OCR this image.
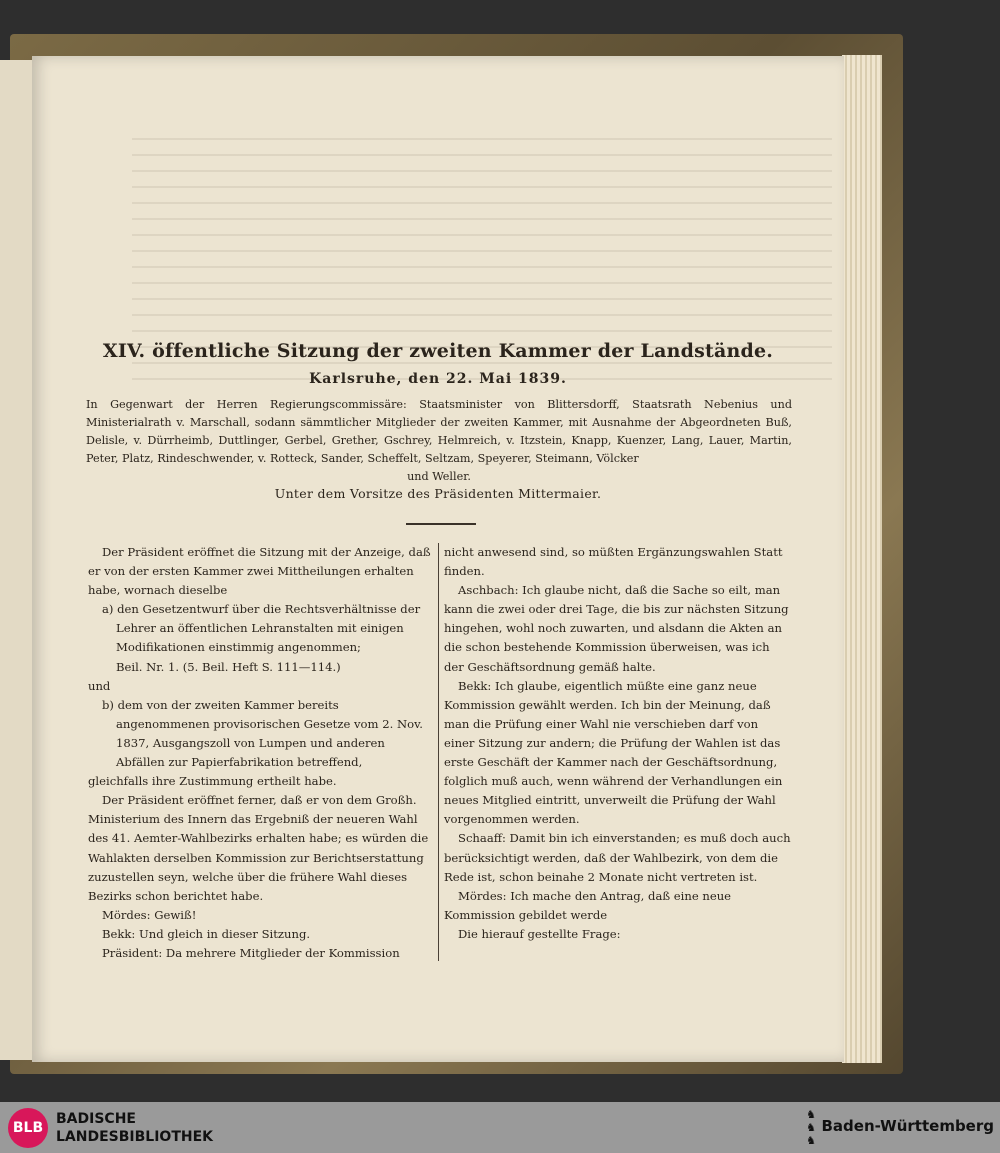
XIV. öffentliche Sitzung der zweiten Kammer der Landstände.
Karlsruhe, den 22. Mai 1839.
In Gegenwart der Herren Regierungscommissäre: Staatsminister von Blittersdorff, Staatsrath Nebenius und Ministerialrath v. Marschall, sodann sämmtlicher Mitglieder der zweiten Kammer, mit Ausnahme der Abgeordneten Buß, Delisle, v. Dürrheimb, Duttlinger, Gerbel, Grether, Gschrey, Helmreich, v. Itzstein, Knapp, Kuenzer, Lang, Lauer, Martin, Peter, Platz, Rindeschwender, v. Rotteck, Sander, Scheffelt, Seltzam, Speyerer, Steimann, Völcker
und Weller.
Unter dem Vorsitze des Präsidenten Mittermaier.

Der Präsident eröffnet die Sitzung mit der Anzeige, daß er von der ersten Kammer zwei Mittheilungen erhalten habe, wornach dieselbe

a) den Gesetzentwurf über die Rechtsverhältnisse der Lehrer an öffentlichen Lehranstalten mit einigen Modifikationen einstimmig angenommen;

Beil. Nr. 1. (5. Beil. Heft S. 111—114.)

und

b) dem von der zweiten Kammer bereits angenommenen provisorischen Gesetze vom 2. Nov. 1837, Ausgangszoll von Lumpen und anderen Abfällen zur Papierfabrikation betreffend,

gleichfalls ihre Zustimmung ertheilt habe.

Der Präsident eröffnet ferner, daß er von dem Großh. Ministerium des Innern das Ergebniß der neueren Wahl des 41. Aemter-Wahlbezirks erhalten habe; es würden die Wahlakten derselben Kommission zur Berichtserstattung zuzustellen seyn, welche über die frühere Wahl dieses Bezirks schon berichtet habe.

Mördes: Gewiß!

Bekk: Und gleich in dieser Sitzung.

Präsident: Da mehrere Mitglieder der Kommission

nicht anwesend sind, so müßten Ergänzungswahlen Statt finden.

Aschbach: Ich glaube nicht, daß die Sache so eilt, man kann die zwei oder drei Tage, die bis zur nächsten Sitzung hingehen, wohl noch zuwarten, und alsdann die Akten an die schon bestehende Kommission überweisen, was ich der Geschäftsordnung gemäß halte.

Bekk: Ich glaube, eigentlich müßte eine ganz neue Kommission gewählt werden. Ich bin der Meinung, daß man die Prüfung einer Wahl nie verschieben darf von einer Sitzung zur andern; die Prüfung der Wahlen ist das erste Geschäft der Kammer nach der Geschäftsordnung, folglich muß auch, wenn während der Verhandlungen ein neues Mitglied eintritt, unverweilt die Prüfung der Wahl vorgenommen werden.

Schaaff: Damit bin ich einverstanden; es muß doch auch berücksichtigt werden, daß der Wahlbezirk, von dem die Rede ist, schon beinahe 2 Monate nicht vertreten ist.

Mördes: Ich mache den Antrag, daß eine neue Kommission gebildet werde

Die hierauf gestellte Frage:

BLB
BADISCHE
LANDESBIBLIOTHEK
♞
♞
♞
Baden-Württemberg
